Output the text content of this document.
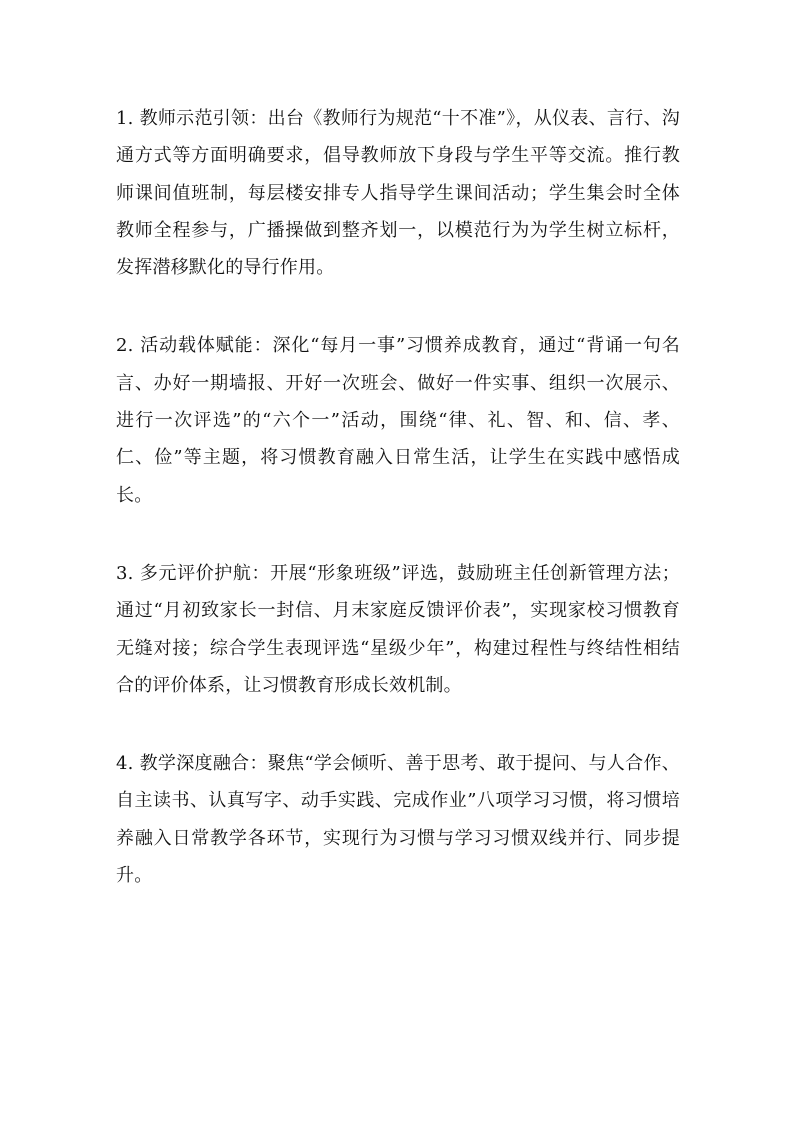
1. 教师示范引领：出台《教师行为规范“十不准”》，从仪表、言行、沟通方式等方面明确要求，倡导教师放下身段与学生平等交流。推行教师课间值班制，每层楼安排专人指导学生课间活动；学生集会时全体教师全程参与，广播操做到整齐划一，以模范行为为学生树立标杆，发挥潜移默化的导行作用。

2. 活动载体赋能：深化“每月一事”习惯养成教育，通过“背诵一句名言、办好一期墙报、开好一次班会、做好一件实事、组织一次展示、进行一次评选”的“六个一”活动，围绕“律、礼、智、和、信、孝、仁、俭”等主题，将习惯教育融入日常生活，让学生在实践中感悟成长。

3. 多元评价护航：开展“形象班级”评选，鼓励班主任创新管理方法；通过“月初致家长一封信、月末家庭反馈评价表”，实现家校习惯教育无缝对接；综合学生表现评选“星级少年”，构建过程性与终结性相结合的评价体系，让习惯教育形成长效机制。

4. 教学深度融合：聚焦“学会倾听、善于思考、敢于提问、与人合作、自主读书、认真写字、动手实践、完成作业”八项学习习惯，将习惯培养融入日常教学各环节，实现行为习惯与学习习惯双线并行、同步提升。
